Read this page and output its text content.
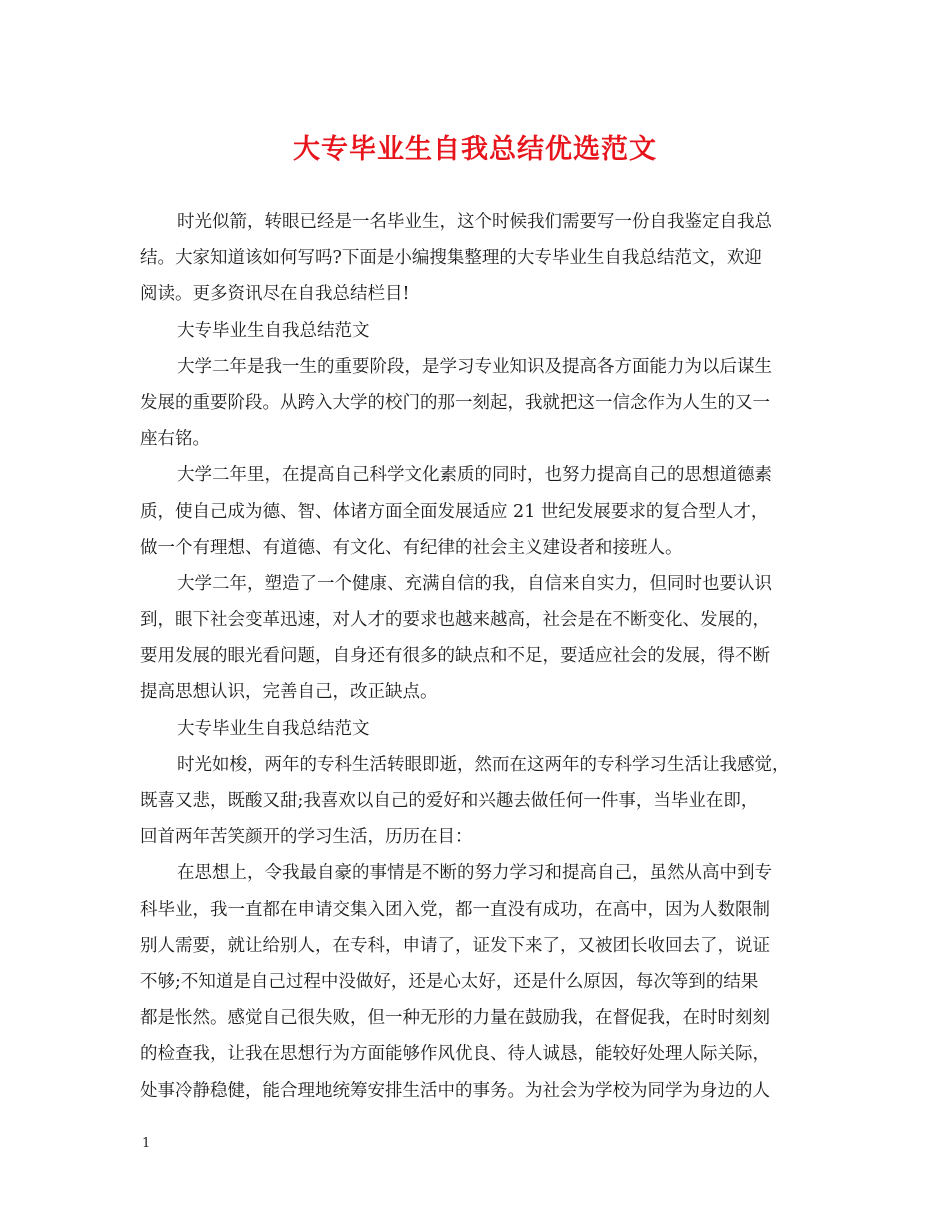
大专毕业生自我总结优选范文
时光似箭，转眼已经是一名毕业生，这个时候我们需要写一份自我鉴定自我总
结。大家知道该如何写吗?下面是小编搜集整理的大专毕业生自我总结范文，欢迎
阅读。更多资讯尽在自我总结栏目!
大专毕业生自我总结范文
大学二年是我一生的重要阶段，是学习专业知识及提高各方面能力为以后谋生
发展的重要阶段。从跨入大学的校门的那一刻起，我就把这一信念作为人生的又一
座右铭。
大学二年里，在提高自己科学文化素质的同时，也努力提高自己的思想道德素
质，使自己成为德、智、体诸方面全面发展适应 21 世纪发展要求的复合型人才，
做一个有理想、有道德、有文化、有纪律的社会主义建设者和接班人。
大学二年，塑造了一个健康、充满自信的我，自信来自实力，但同时也要认识
到，眼下社会变革迅速，对人才的要求也越来越高，社会是在不断变化、发展的，
要用发展的眼光看问题，自身还有很多的缺点和不足，要适应社会的发展，得不断
提高思想认识，完善自己，改正缺点。
大专毕业生自我总结范文
时光如梭，两年的专科生活转眼即逝，然而在这两年的专科学习生活让我感觉，
既喜又悲，既酸又甜;我喜欢以自己的爱好和兴趣去做任何一件事，当毕业在即，
回首两年苦笑颜开的学习生活，历历在目：
在思想上，令我最自豪的事情是不断的努力学习和提高自己，虽然从高中到专
科毕业，我一直都在申请交集入团入党，都一直没有成功，在高中，因为人数限制
别人需要，就让给别人，在专科，申请了，证发下来了，又被团长收回去了，说证
不够;不知道是自己过程中没做好，还是心太好，还是什么原因，每次等到的结果
都是怅然。感觉自己很失败，但一种无形的力量在鼓励我，在督促我，在时时刻刻
的检查我，让我在思想行为方面能够作风优良、待人诚恳，能较好处理人际关际，
处事冷静稳健，能合理地统筹安排生活中的事务。为社会为学校为同学为身边的人
1
